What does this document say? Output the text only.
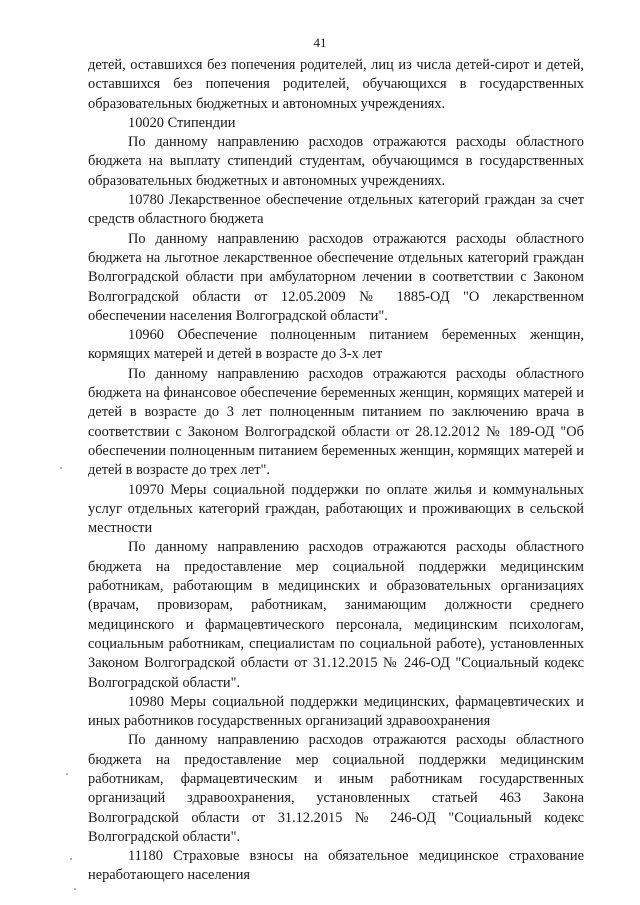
41

детей, оставшихся без попечения родителей, лиц из числа детей-сирот и детей, оставшихся без попечения родителей, обучающихся в государственных образовательных бюджетных и автономных учреждениях.

10020 Стипендии

По данному направлению расходов отражаются расходы областного бюджета на выплату стипендий студентам, обучающимся в государственных образовательных бюджетных и автономных учреждениях.

10780 Лекарственное обеспечение отдельных категорий граждан за счет средств областного бюджета

По данному направлению расходов отражаются расходы областного бюджета на льготное лекарственное обеспечение отдельных категорий граждан Волгоградской области при амбулаторном лечении в соответствии с Законом Волгоградской области от 12.05.2009 № 1885-ОД "О лекарственном обеспечении населения Волгоградской области".

10960 Обеспечение полноценным питанием беременных женщин, кормящих матерей и детей в возрасте до 3-х лет

По данному направлению расходов отражаются расходы областного бюджета на финансовое обеспечение беременных женщин, кормящих матерей и детей в возрасте до 3 лет полноценным питанием по заключению врача в соответствии с Законом Волгоградской области от 28.12.2012 № 189-ОД "Об обеспечении полноценным питанием беременных женщин, кормящих матерей и детей в возрасте до трех лет".

10970 Меры социальной поддержки по оплате жилья и коммунальных услуг отдельных категорий граждан, работающих и проживающих в сельской местности

По данному направлению расходов отражаются расходы областного бюджета на предоставление мер социальной поддержки медицинским работникам, работающим в медицинских и образовательных организациях (врачам, провизорам, работникам, занимающим должности среднего медицинского и фармацевтического персонала, медицинским психологам, социальным работникам, специалистам по социальной работе), установленных Законом Волгоградской области от 31.12.2015 № 246-ОД "Социальный кодекс Волгоградской области".

10980 Меры социальной поддержки медицинских, фармацевтических и иных работников государственных организаций здравоохранения

По данному направлению расходов отражаются расходы областного бюджета на предоставление мер социальной поддержки медицинским работникам, фармацевтическим и иным работникам государственных организаций здравоохранения, установленных статьей 463 Закона Волгоградской области от 31.12.2015 № 246-ОД "Социальный кодекс Волгоградской области".

11180 Страховые взносы на обязательное медицинское страхование неработающего населения
